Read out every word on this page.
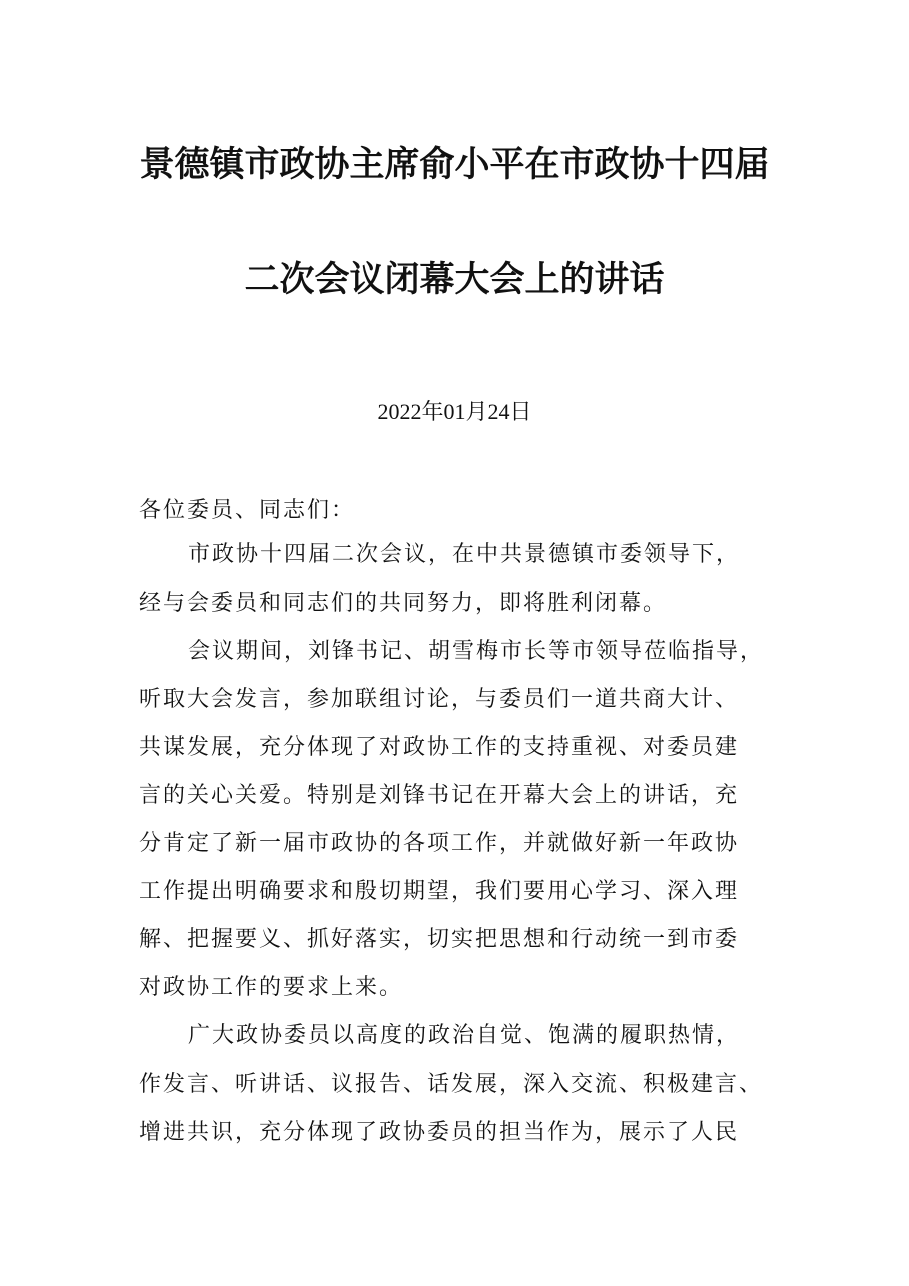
景德镇市政协主席俞小平在市政协十四届
二次会议闭幕大会上的讲话
2022年01月24日
各位委员、同志们：
市政协十四届二次会议，在中共景德镇市委领导下，
经与会委员和同志们的共同努力，即将胜利闭幕。
会议期间，刘锋书记、胡雪梅市长等市领导莅临指导，
听取大会发言，参加联组讨论，与委员们一道共商大计、
共谋发展，充分体现了对政协工作的支持重视、对委员建
言的关心关爱。特别是刘锋书记在开幕大会上的讲话，充
分肯定了新一届市政协的各项工作，并就做好新一年政协
工作提出明确要求和殷切期望，我们要用心学习、深入理
解、把握要义、抓好落实，切实把思想和行动统一到市委
对政协工作的要求上来。
广大政协委员以高度的政治自觉、饱满的履职热情，
作发言、听讲话、议报告、话发展，深入交流、积极建言、
增进共识，充分体现了政协委员的担当作为，展示了人民
